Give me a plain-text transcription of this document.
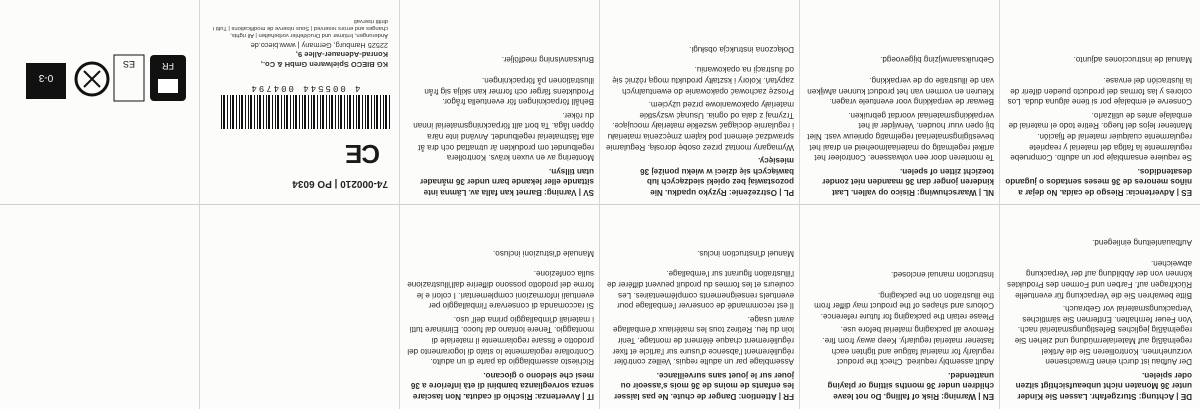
DE | Achtung: Sturzgefahr. Lassen Sie Kinder unter 36 Monaten nicht unbeaufsichtigt sitzen oder spielen.

Der Aufbau ist durch einen Erwachsenen vorzunehmen. Kontrollieren Sie die Artikel regelmäßig auf Materialermüdung und ziehen Sie regelmäßig jegliches Befestigungsmaterial nach. Von Feuer fernhalten. Entfernen Sie sämtliches Verpackungsmaterial vor Gebrauch.

Bitte bewahren Sie die Verpackung für eventuelle Rückfragen auf. Farben und Formen des Produktes können von der Abbildung auf der Verpackung abweichen.

Aufbauanleitung einliegend.

EN | Warning: Risk of falling. Do not leave children under 36 months sitting or playing unattended.

Adult assembly required. Check the product regularly for material fatigue and tighten each fastener material regularly. Keep away from fire. Remove all packaging material before use.

Please retain the packaging for future reference. Colours and shapes of the product may differ from the illustration on the packaging.

Instruction manual enclosed.

FR | Attention: Danger de chute. Ne pas laisser les enfants de moins de 36 mois s'asseoir ou jouer sur le jouet sans surveillance.

Assemblage par un adulte requis. Veillez contrôler régulièrement l'absence d'usure sur l'article et fixer régulièrement chaque élément de montage. Tenir loin du feu. Retirez tous les matériaux d'emballage avant usage.

Il est recommandé de conserver l'emballage pour eventuels renseignements complémentaires. Les couleurs et les formes du produit peuvent différer de l'illustration figurant sur l'emballage.

Manuel d'instruction inclus.

IT | Avvertenza: Rischio di caduta. Non lasciare senza sorveglianza bambini di età inferiore a 36 mesi che siedono o giocano.

Richiesto assemblaggio da parte di un adulto. Controllare regolarmente lo stato di logoramento del prodotto e fissare regolarmente il materiale di montaggio. Tenere lontano dal fuoco. Eliminare tutti i materiali d'imballaggio prima dell' uso.

Si raccomanda di conservare l'imballaggio per eventuali informazioni complementari. I colori e le forme del prodotto possono differire dall'illustrazione sulla confezione.

Manuale d'istruzioni incluso.

ES | Advertencia: Riesgo de caída. No dejar a niños menores de 36 meses sentados o jugando desatendidos.

Se requiere ensamblaje por un adulto. Compruebe regularmente la fatiga del material y reapriete regularmente cualquier material de fijación. Mantener lejos del fuego. Retire todo el material de embalaje antes de utilizarlo.

Conserve el embalaje por si tiene alguna duda. Los colores y las formas del producto pueden diferir de la ilustración del envase.

Manual de instrucciones adjunto.

NL | Waarschuwing: Risico op vallen. Laat kinderen jonger dan 36 maanden niet zonder toezicht zitten of spelen.

Te monteren door een volwassene. Controleer het artikel regelmatig op materiaalmoeheid en draai het bevestigingsmateriaal regelmatig opnieuw vast. Niet bij open vuur houden. Verwijder al het verpakkingsmateriaal voordat gebruiken.

Bewaar de verpakking voor eventuele vragen. Kleuren en vormen van het product kunnen afwijken van de illustratie op de verpakking.

Gebruiksaanwijzing bijgevoegd.

PL | Ostrzeżenie: Ryzyko upadku. Nie pozostawiaj bez opieki siedzących lub bawiących się dzieci w wieku poniżej 36 miesięcy.

Wymagany montaż przez osobę dorosłą. Regularnie sprawdzać element pod kątem zmęczenia materiału i regularnie dociągać wszelkie materiały mocujące. Trzymaj z dala od ognia. Usunąć wszystkie materiały opakowaniowe przed użyciem.

Proszę zachować opakowanie do ewentualnych zapytań. Kolory i kształty produktu mogą różnić się od ilustracji na opakowaniu.

Dołączona instrukcja obsługi.

SV | Varning: Barnet kan falla av. Lämna inte sittande eller lekande barn under 36 månader utan tillsyn.

Montering av en vuxen krävs. Kontrollera regelbundet om produkten är utmattad och dra åt alla fästmaterial regelbundet. Använd inte nära öppen låga. Ta bort allt förpackningsmaterial innan du röker.

Behåll förpackningen för eventuella frågor. Produktens färger och former kan skilja sig från illustrationen på förpackningen.

Bruksanvisning medföljer.

74-000210 | PO 6034
CE
4 005544 004794
KG BIECO Spielwaren GmbH & Co.,
Konrad-Adenauer-Allee 9,
22525 Hamburg, Germany | www.bieco.de
Änderungen, Irrtümer und Druckfehler vorbehalten | All rights, changes and errors reserved | Sous réserve de modifications | Tutti i diritti riservati
FR
ES
0-3
